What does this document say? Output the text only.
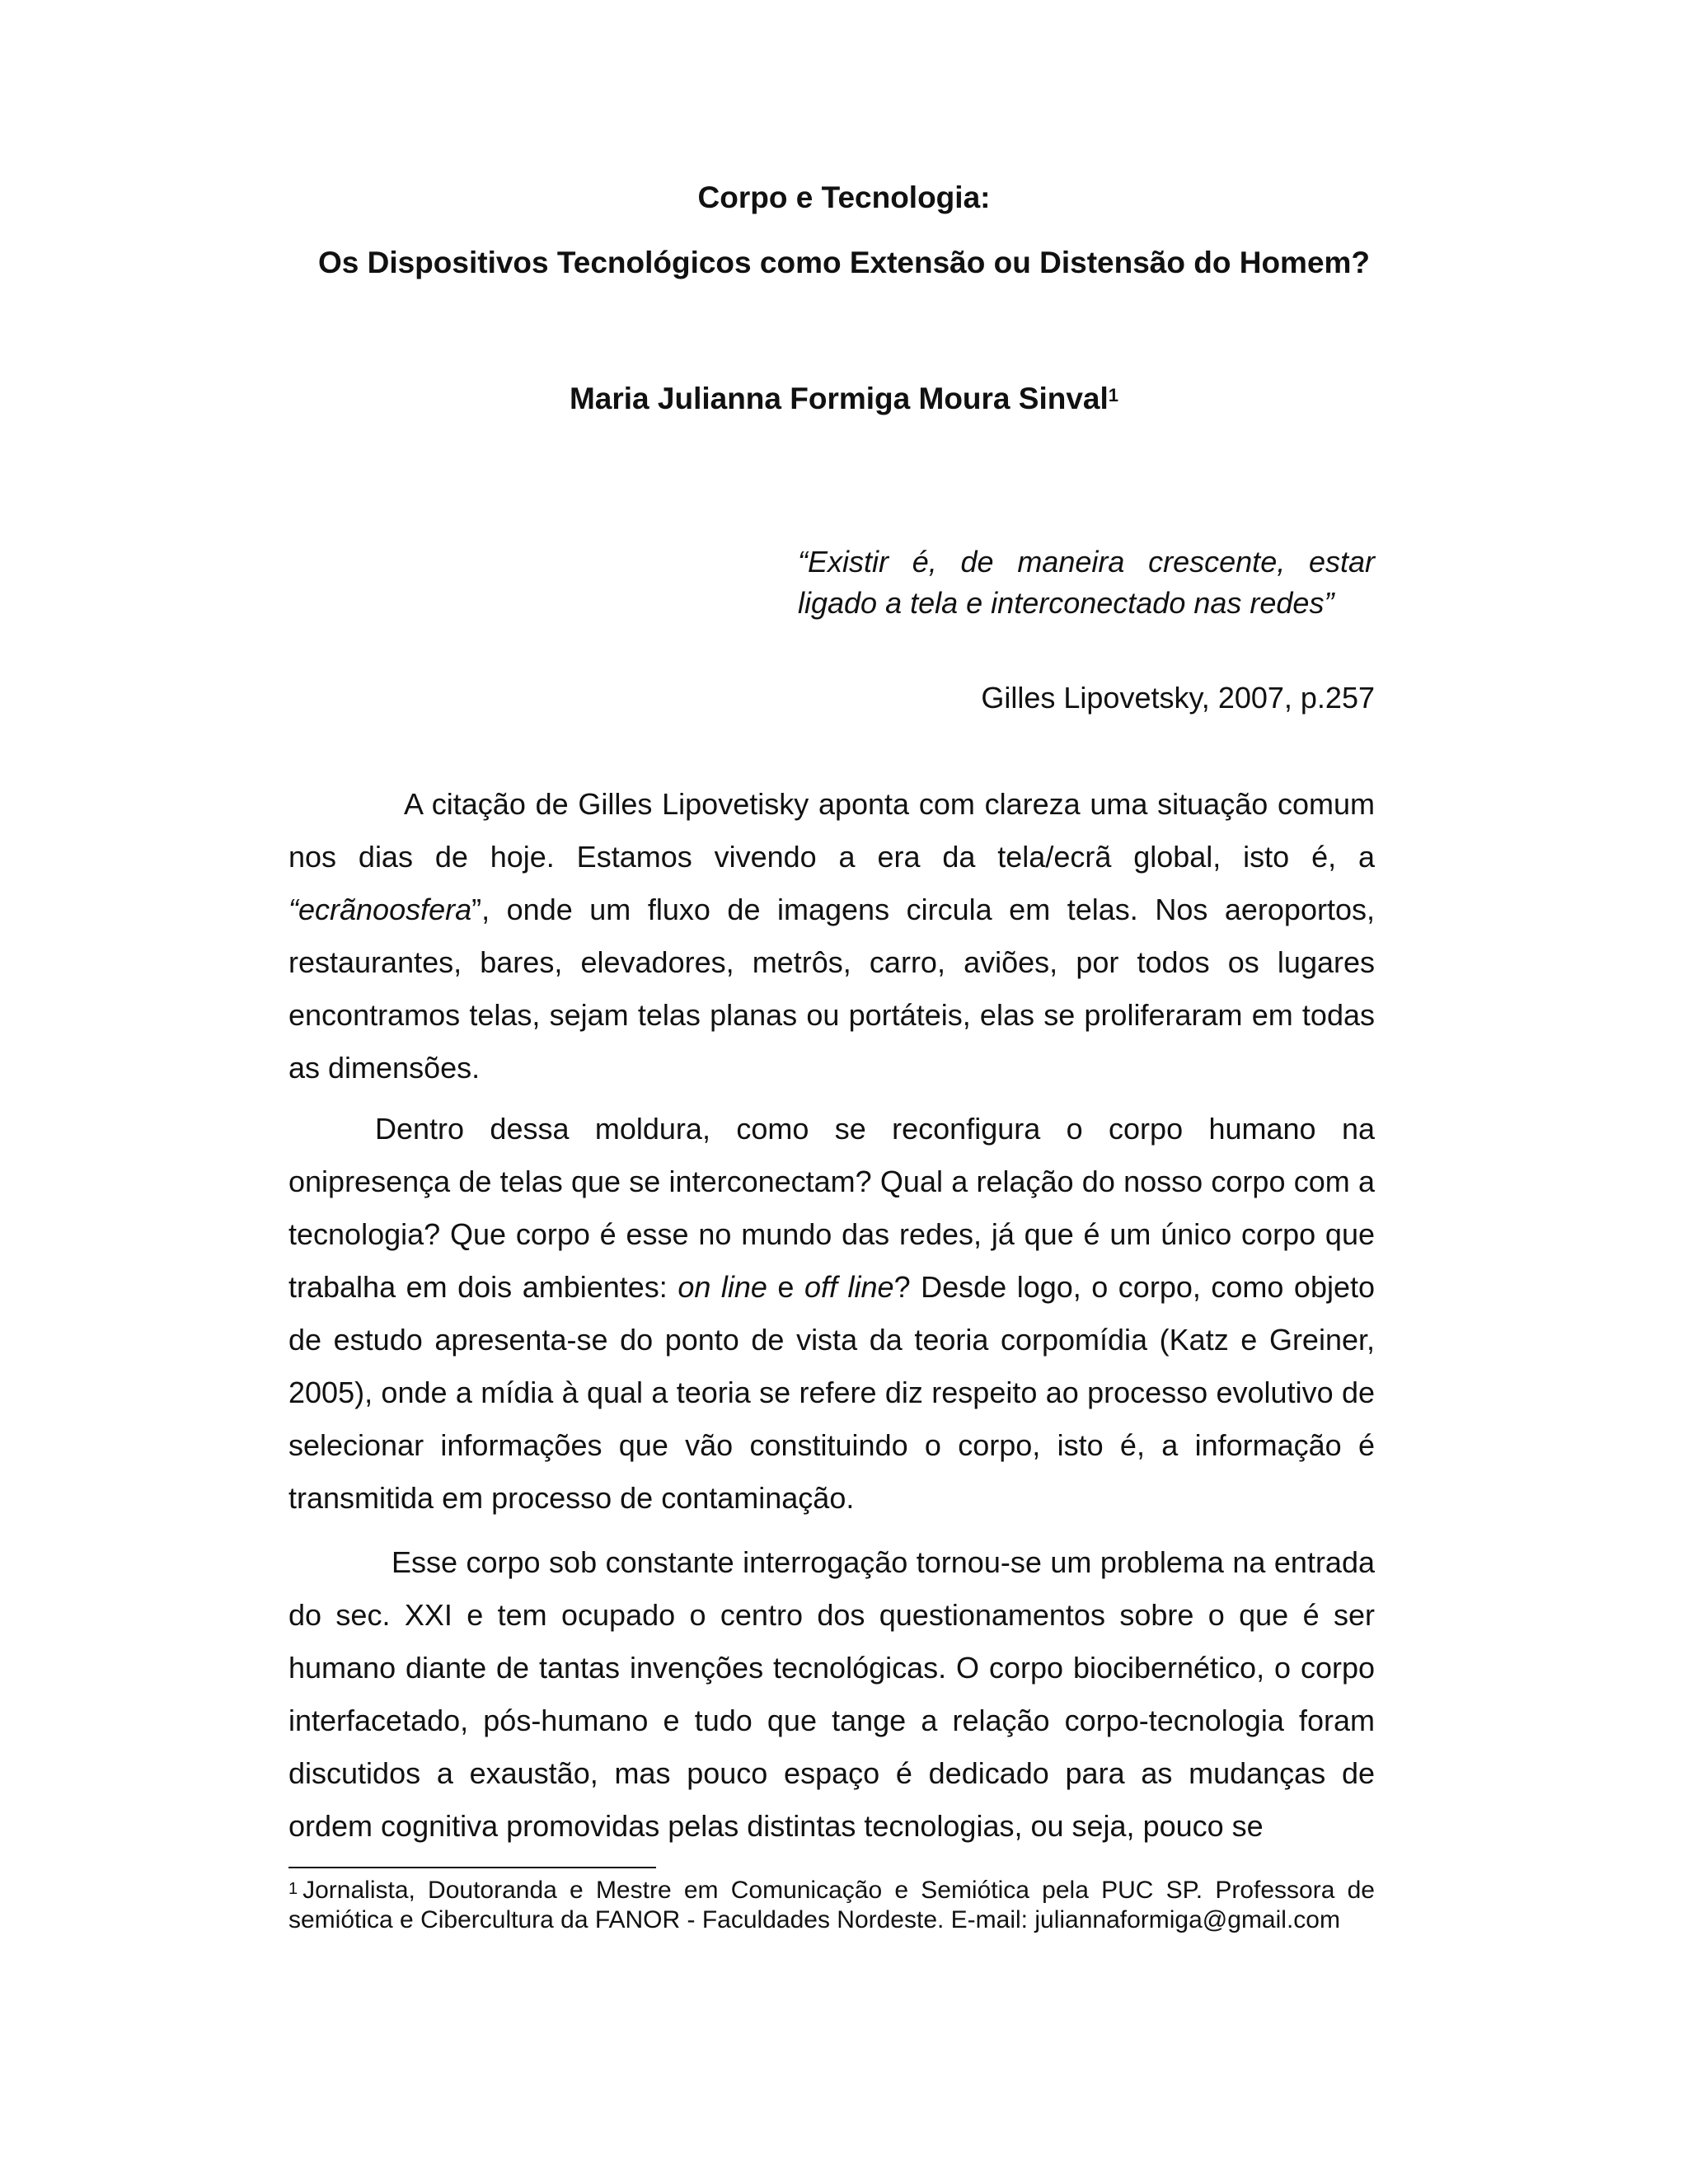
Corpo e Tecnologia:
Os Dispositivos Tecnológicos como Extensão ou Distensão do Homem?

Maria Julianna Formiga Moura Sinval$^1$

“Existir é, de maneira crescente, estar

ligado a tela e interconectado nas redes”

Gilles Lipovetsky, 2007, p.257

A citação de Gilles Lipovetisky aponta com clareza uma situação comum nos dias de hoje. Estamos vivendo a era da tela/ecrã global, isto é, a “ecrãnoosfera”, onde um fluxo de imagens circula em telas. Nos aeroportos, restaurantes, bares, elevadores, metrôs, carro, aviões, por todos os lugares encontramos telas, sejam telas planas ou portáteis, elas se proliferaram em todas as dimensões.

Dentro dessa moldura, como se reconfigura o corpo humano na onipresença de telas que se interconectam? Qual a relação do nosso corpo com a tecnologia? Que corpo é esse no mundo das redes, já que é um único corpo que trabalha em dois ambientes: on line e off line? Desde logo, o corpo, como objeto de estudo apresenta-se do ponto de vista da teoria corpomídia (Katz e Greiner, 2005), onde a mídia à qual a teoria se refere diz respeito ao processo evolutivo de selecionar informações que vão constituindo o corpo, isto é, a informação é transmitida em processo de contaminação.

Esse corpo sob constante interrogação tornou-se um problema na entrada do sec. XXI e tem ocupado o centro dos questionamentos sobre o que é ser humano diante de tantas invenções tecnológicas. O corpo biocibernético, o corpo interfacetado, pós-humano e tudo que tange a relação corpo-tecnologia foram discutidos a exaustão, mas pouco espaço é dedicado para as mudanças de ordem cognitiva promovidas pelas distintas tecnologias, ou seja, pouco se

$^1$ Jornalista, Doutoranda e Mestre em Comunicação e Semiótica pela PUC SP. Professora de semiótica e Cibercultura da FANOR - Faculdades Nordeste. E-mail: juliannaformiga@gmail.com
